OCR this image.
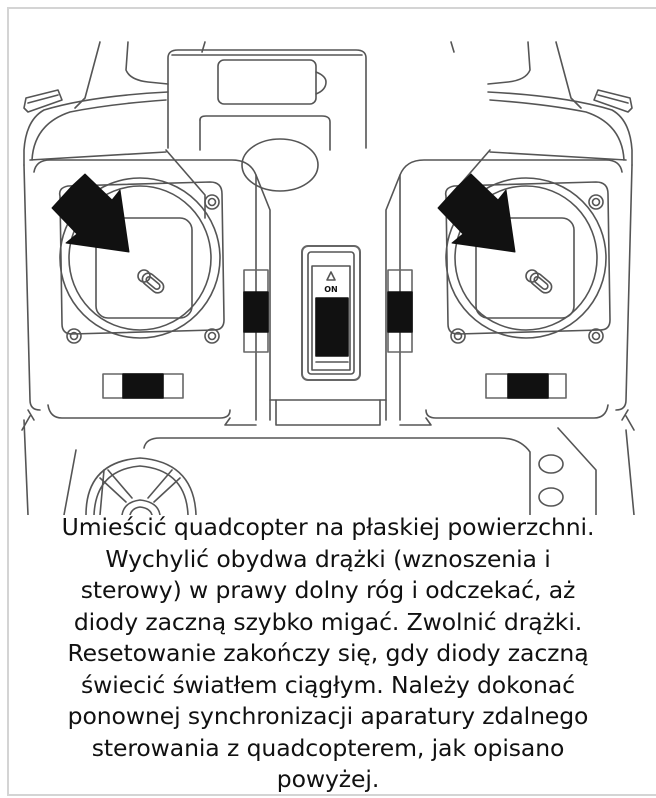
ON
Umieścić quadcopter na płaskiej powierzchni.
Wychylić obydwa drążki (wznoszenia i
sterowy) w prawy dolny róg i odczekać, aż
diody zaczną szybko migać. Zwolnić drążki.
Resetowanie zakończy się, gdy diody zaczną
świecić światłem ciągłym. Należy dokonać
ponownej synchronizacji aparatury zdalnego
sterowania z quadcopterem, jak opisano
powyżej.
